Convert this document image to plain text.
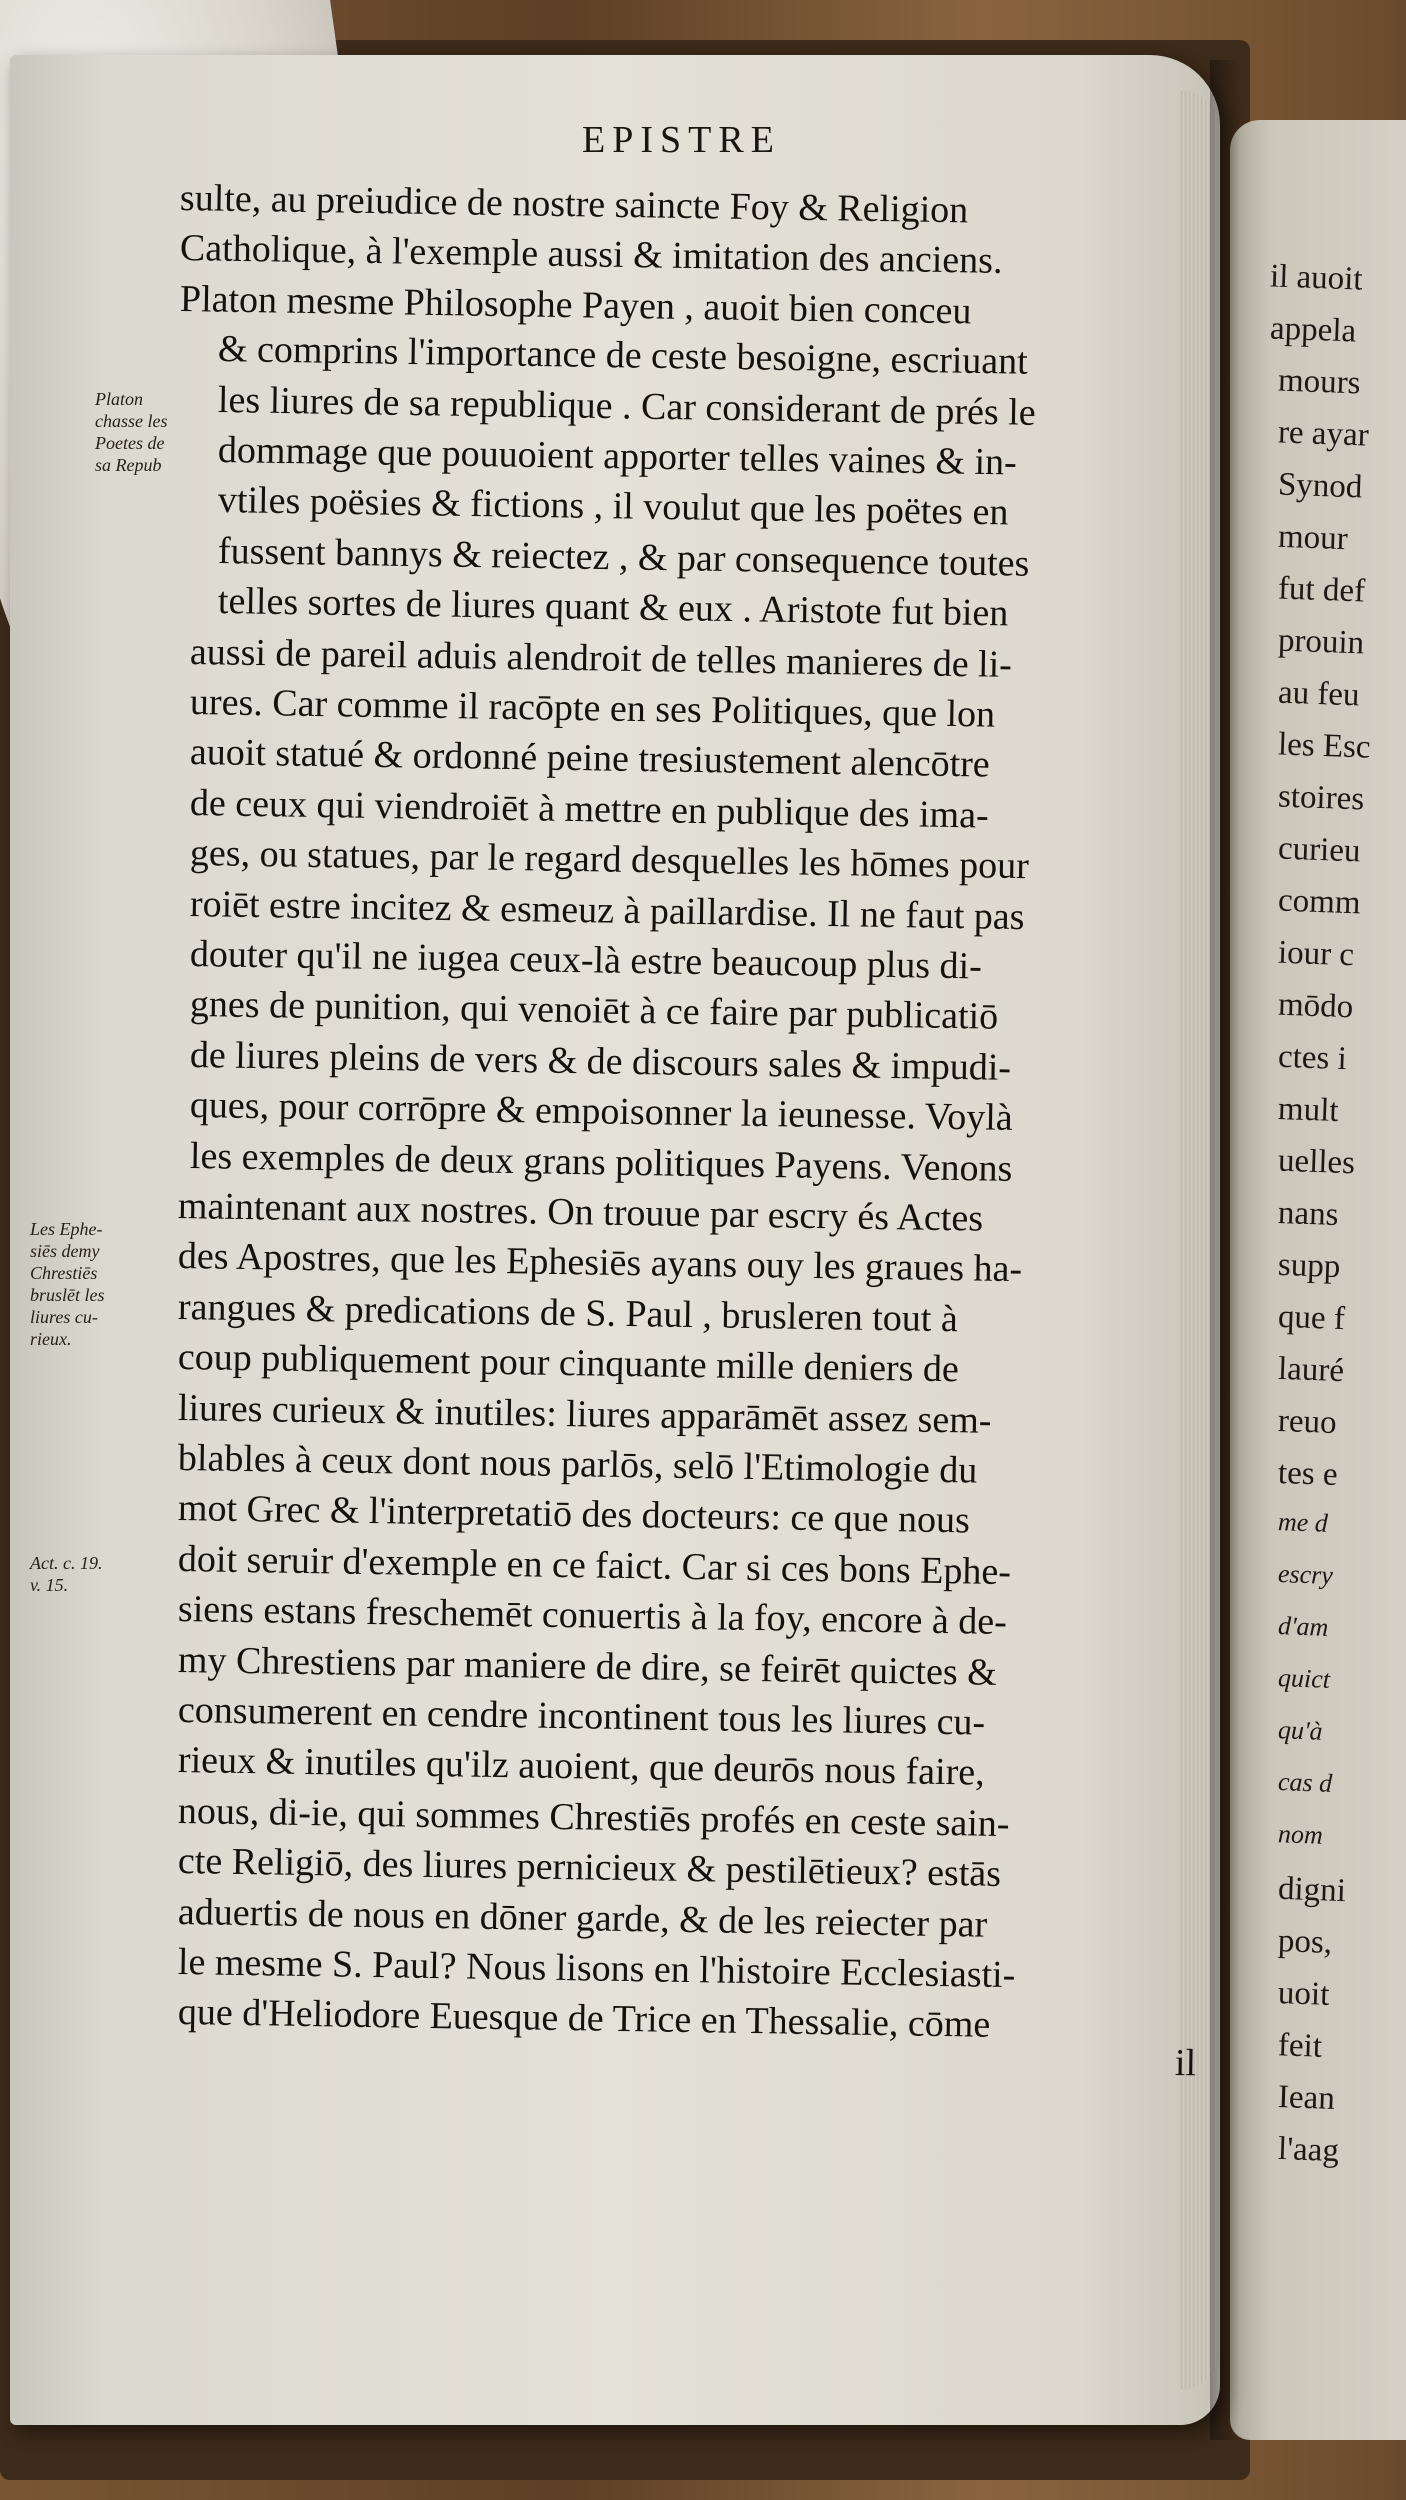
il auoit
appela
mours
re ayar
Synod
mour
fut def
prouin
au feu
les Esc
stoires
curieu
comm
iour c
mōdo
ctes i
mult
uelles
nans
supp
que f
lauré
reuo
tes e
me d
escry
d'am
quict
qu'à
cas d
nom
digni
pos,
uoit
feit
Iean
l'aag
EPISTRE
sulte, au preiudice de nostre saincte Foy & Religion
Catholique, à l'exemple aussi & imitation des anciens.
Platon mesme Philosophe Payen , auoit bien conceu
& comprins l'importance de ceste besoigne, escriuant
les liures de sa republique . Car considerant de prés le
dommage que pouuoient apporter telles vaines & in-
vtiles poësies & fictions , il voulut que les poëtes en
fussent bannys & reiectez , & par consequence toutes
telles sortes de liures quant & eux . Aristote fut bien
aussi de pareil aduis alendroit de telles manieres de li-
ures. Car comme il racōpte en ses Politiques, que lon
auoit statué & ordonné peine tresiustement alencōtre
de ceux qui viendroiēt à mettre en publique des ima-
ges, ou statues, par le regard desquelles les hōmes pour
roiēt estre incitez & esmeuz à paillardise. Il ne faut pas
douter qu'il ne iugea ceux-là estre beaucoup plus di-
gnes de punition, qui venoiēt à ce faire par publicatiō
de liures pleins de vers & de discours sales & impudi-
ques, pour corrōpre & empoisonner la ieunesse. Voylà
les exemples de deux grans politiques Payens. Venons
maintenant aux nostres. On trouue par escry és Actes
des Apostres, que les Ephesiēs ayans ouy les graues ha-
rangues & predications de S. Paul , brusleren tout à
coup publiquement pour cinquante mille deniers de
liures curieux & inutiles: liures apparāmēt assez sem-
blables à ceux dont nous parlōs, selō l'Etimologie du
mot Grec & l'interpretatiō des docteurs: ce que nous
doit seruir d'exemple en ce faict. Car si ces bons Ephe-
siens estans freschemēt conuertis à la foy, encore à de-
my Chrestiens par maniere de dire, se feirēt quictes &
consumerent en cendre incontinent tous les liures cu-
rieux & inutiles qu'ilz auoient, que deurōs nous faire,
nous, di-ie, qui sommes Chrestiēs profés en ceste sain-
cte Religiō, des liures pernicieux & pestilētieux? estās
aduertis de nous en dōner garde, & de les reiecter par
le mesme S. Paul? Nous lisons en l'histoire Ecclesiasti-
que d'Heliodore Euesque de Trice en Thessalie, cōme
il
Platon
chasse les
Poetes de
sa Repub
Les Ephe-
siēs demy
Chrestiēs
bruslēt les
liures cu-
rieux.
Act. c. 19.
v. 15.
